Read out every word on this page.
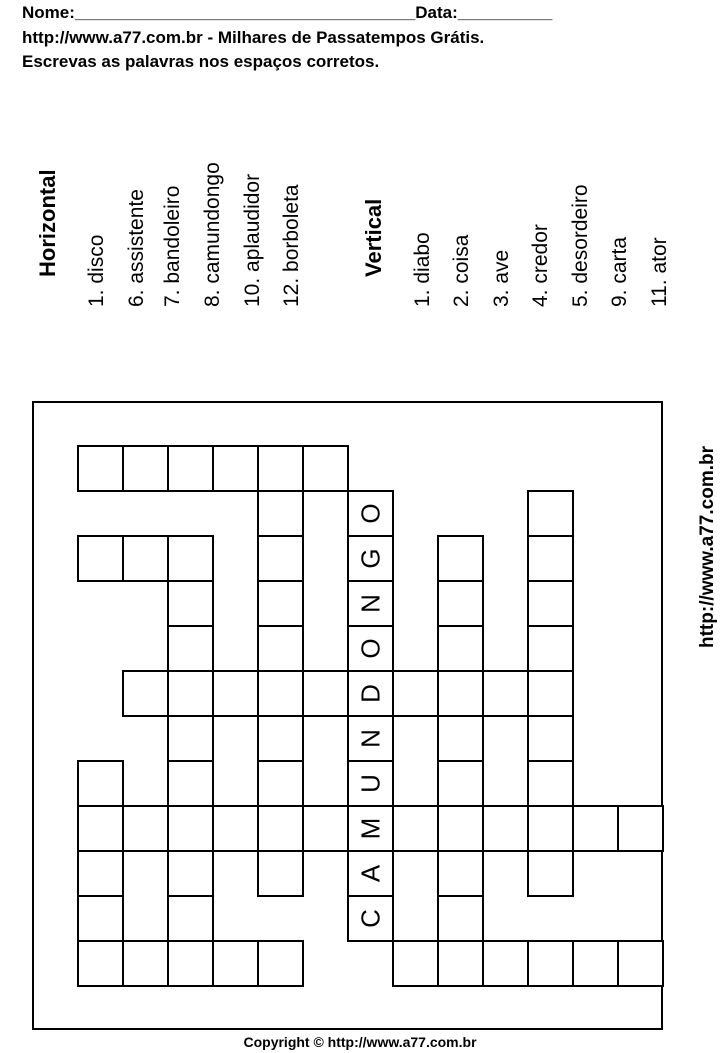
Nome:____________________________________Data:__________
http://www.a77.com.br - Milhares de Passatempos Grátis.
Escrevas as palavras nos espaços corretos.
Horizontal 1. disco 6. assistente 7. bandoleiro 8. camundongo 10. aplaudidor 12. borboleta	Vertical 1. diabo 2. coisa 3. ave 4. credor 5. desordeiro 9. carta 11. ator
C
A
M
U
N
D
O
N
G
O	http://www.a77.com.br
Copyright © http://www.a77.com.br
